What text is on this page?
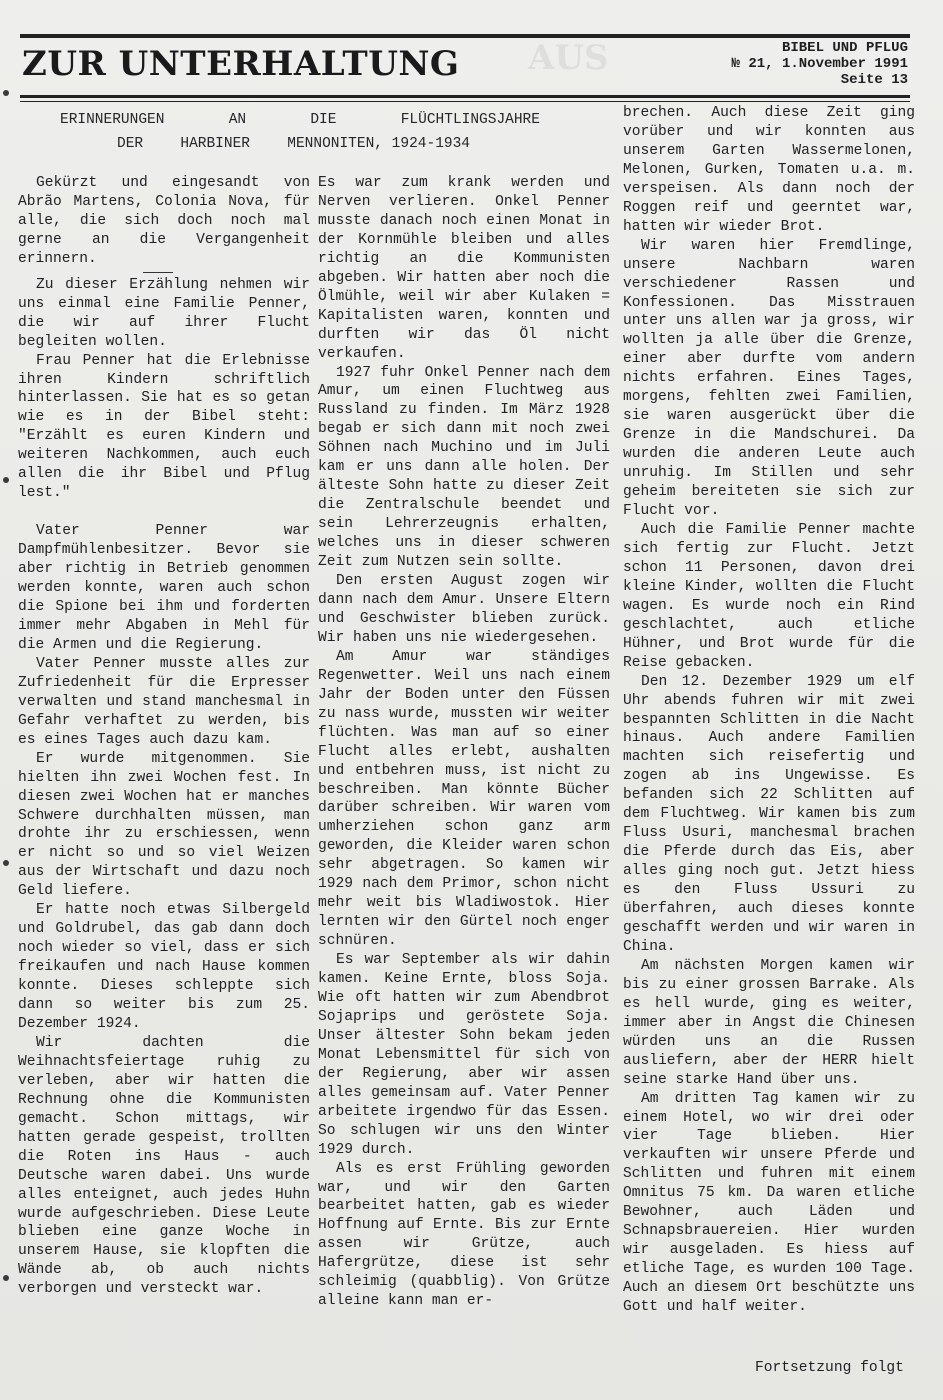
AUS
ZUR UNTERHALTUNG	BIBEL UND PFLUG
№ 21, 1.November 1991
Seite 13
ERINNERUNGEN	AN	DIE	FLÜCHTLINGSJAHRE
DER	HARBINER	MENNONITEN, 1924-1934

Gekürzt und eingesandt von Abrão Martens, Colonia Nova, für alle, die sich doch noch mal gerne an die Vergangenheit erinnern.

Zu dieser Erzählung nehmen wir uns einmal eine Familie Penner, die wir auf ihrer Flucht begleiten wollen.

Frau Penner hat die Erlebnisse ihren Kindern schriftlich hinterlassen. Sie hat es so getan wie es in der Bibel steht: "Erzählt es euren Kindern und weiteren Nachkommen, auch euch allen die ihr Bibel und Pflug lest."

Vater Penner war Dampfmühlenbesitzer. Bevor sie aber richtig in Betrieb genommen werden konnte, waren auch schon die Spione bei ihm und forderten immer mehr Abgaben in Mehl für die Armen und die Regierung.

Vater Penner musste alles zur Zufriedenheit für die Erpresser verwalten und stand manchesmal in Gefahr verhaftet zu werden, bis es eines Tages auch dazu kam.

Er wurde mitgenommen. Sie hielten ihn zwei Wochen fest. In diesen zwei Wochen hat er manches Schwere durchhalten müssen, man drohte ihr zu erschiessen, wenn er nicht so und so viel Weizen aus der Wirtschaft und dazu noch Geld liefere.

Er hatte noch etwas Silbergeld und Goldrubel, das gab dann doch noch wieder so viel, dass er sich freikaufen und nach Hause kommen konnte. Dieses schleppte sich dann so weiter bis zum 25. Dezember 1924.

Wir dachten die Weihnachtsfeiertage ruhig zu verleben, aber wir hatten die Rechnung ohne die Kommunisten gemacht. Schon mittags, wir hatten gerade gespeist, trollten die Roten ins Haus - auch Deutsche waren dabei. Uns wurde alles enteignet, auch jedes Huhn wurde aufgeschrieben. Diese Leute blieben eine ganze Woche in unserem Hause, sie klopften die Wände ab, ob auch nichts verborgen und versteckt war.

Es war zum krank werden und Nerven verlieren. Onkel Penner musste danach noch einen Monat in der Kornmühle bleiben und alles richtig an die Kommunisten abgeben. Wir hatten aber noch die Ölmühle, weil wir aber Kulaken = Kapitalisten waren, konnten und durften wir das Öl nicht verkaufen.

1927 fuhr Onkel Penner nach dem Amur, um einen Fluchtweg aus Russland zu finden. Im März 1928 begab er sich dann mit noch zwei Söhnen nach Muchino und im Juli kam er uns dann alle holen. Der älteste Sohn hatte zu dieser Zeit die Zentralschule beendet und sein Lehrerzeugnis erhalten, welches uns in dieser schweren Zeit zum Nutzen sein sollte.

Den ersten August zogen wir dann nach dem Amur. Unsere Eltern und Geschwister blieben zurück. Wir haben uns nie wiedergesehen.

Am Amur war ständiges Regenwetter. Weil uns nach einem Jahr der Boden unter den Füssen zu nass wurde, mussten wir weiter flüchten. Was man auf so einer Flucht alles erlebt, aushalten und entbehren muss, ist nicht zu beschreiben. Man könnte Bücher darüber schreiben. Wir waren vom umherziehen schon ganz arm geworden, die Kleider waren schon sehr abgetragen. So kamen wir 1929 nach dem Primor, schon nicht mehr weit bis Wladiwostok. Hier lernten wir den Gürtel noch enger schnüren.

Es war September als wir dahin kamen. Keine Ernte, bloss Soja. Wie oft hatten wir zum Abendbrot Sojaprips und geröstete Soja. Unser ältester Sohn bekam jeden Monat Lebensmittel für sich von der Regierung, aber wir assen alles gemeinsam auf. Vater Penner arbeitete irgendwo für das Essen. So schlugen wir uns den Winter 1929 durch.

Als es erst Frühling geworden war, und wir den Garten bearbeitet hatten, gab es wieder Hoffnung auf Ernte. Bis zur Ernte assen wir Grütze, auch Hafergrütze, diese ist sehr schleimig (quabblig). Von Grütze alleine kann man er-

brechen. Auch diese Zeit ging vorüber und wir konnten aus unserem Garten Wassermelonen, Melonen, Gurken, Tomaten u.a. m. verspeisen. Als dann noch der Roggen reif und geerntet war, hatten wir wieder Brot.

Wir waren hier Fremdlinge, unsere Nachbarn waren verschiedener Rassen und Konfessionen. Das Misstrauen unter uns allen war ja gross, wir wollten ja alle über die Grenze, einer aber durfte vom andern nichts erfahren. Eines Tages, morgens, fehlten zwei Familien, sie waren ausgerückt über die Grenze in die Mandschurei. Da wurden die anderen Leute auch unruhig. Im Stillen und sehr geheim bereiteten sie sich zur Flucht vor.

Auch die Familie Penner machte sich fertig zur Flucht. Jetzt schon 11 Personen, davon drei kleine Kinder, wollten die Flucht wagen. Es wurde noch ein Rind geschlachtet, auch etliche Hühner, und Brot wurde für die Reise gebacken.

Den 12. Dezember 1929 um elf Uhr abends fuhren wir mit zwei bespannten Schlitten in die Nacht hinaus. Auch andere Familien machten sich reisefertig und zogen ab ins Ungewisse. Es befanden sich 22 Schlitten auf dem Fluchtweg. Wir kamen bis zum Fluss Usuri, manchesmal brachen die Pferde durch das Eis, aber alles ging noch gut. Jetzt hiess es den Fluss Ussuri zu überfahren, auch dieses konnte geschafft werden und wir waren in China.

Am nächsten Morgen kamen wir bis zu einer grossen Barrake. Als es hell wurde, ging es weiter, immer aber in Angst die Chinesen würden uns an die Russen ausliefern, aber der HERR hielt seine starke Hand über uns.

Am dritten Tag kamen wir zu einem Hotel, wo wir drei oder vier Tage blieben. Hier verkauften wir unsere Pferde und Schlitten und fuhren mit einem Omnitus 75 km. Da waren etliche Bewohner, auch Läden und Schnapsbrauereien. Hier wurden wir ausgeladen. Es hiess auf etliche Tage, es wurden 100 Tage. Auch an diesem Ort beschützte uns Gott und half weiter.

Fortsetzung folgt
